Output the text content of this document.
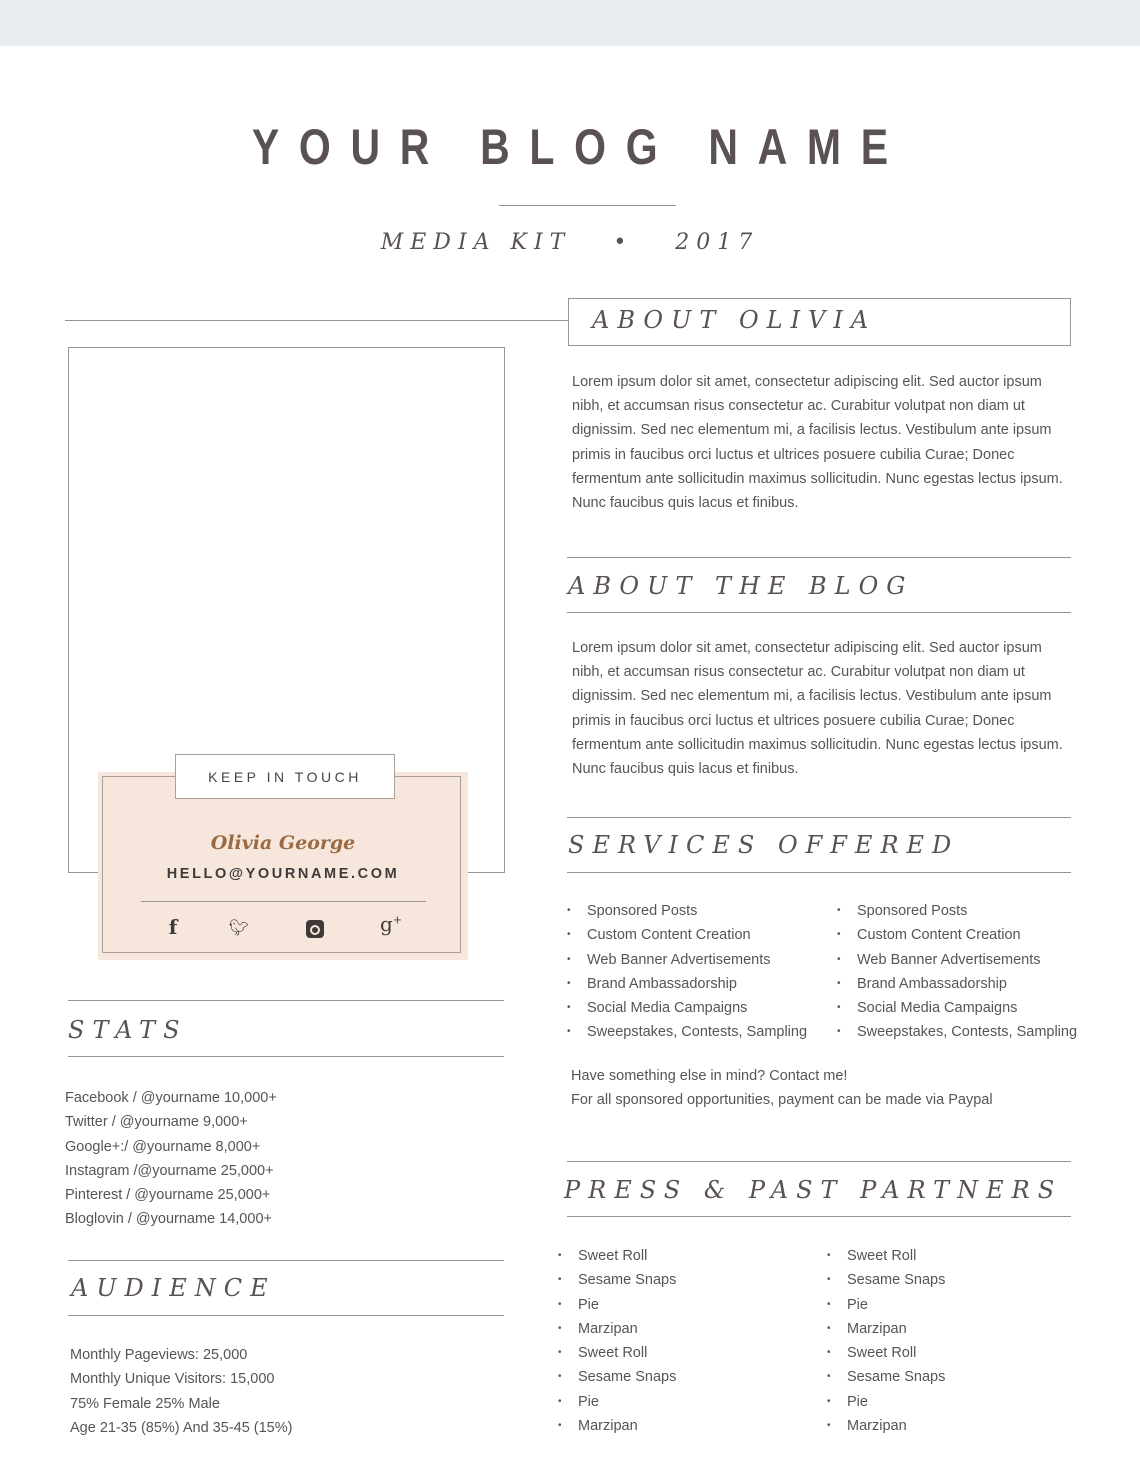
YOUR BLOG NAME
MEDIA KIT • 2017
KEEP IN TOUCH
Olivia George
HELLO@YOURNAME.COM
f	🐦︎	g+
STATS
Facebook / @yourname 10,000+
Twitter / @yourname 9,000+
Google+:/ @yourname 8,000+
Instagram /@yourname 25,000+
Pinterest / @yourname 25,000+
Bloglovin / @yourname 14,000+
AUDIENCE
Monthly Pageviews: 25,000
Monthly Unique Visitors: 15,000
75% Female 25% Male
Age 21-35 (85%) And 35-45 (15%)
ABOUT OLIVIA
Lorem ipsum dolor sit amet, consectetur adipiscing elit. Sed auctor ipsum nibh, et accumsan risus consectetur ac. Curabitur volutpat non diam ut dignissim. Sed nec elementum mi, a facilisis lectus. Vestibulum ante ipsum primis in faucibus orci luctus et ultrices posuere cubilia Curae; Donec fermentum ante sollicitudin maximus sollicitudin. Nunc egestas lectus ipsum. Nunc faucibus quis lacus et finibus.
ABOUT THE BLOG
Lorem ipsum dolor sit amet, consectetur adipiscing elit. Sed auctor ipsum nibh, et accumsan risus consectetur ac. Curabitur volutpat non diam ut dignissim. Sed nec elementum mi, a facilisis lectus. Vestibulum ante ipsum primis in faucibus orci luctus et ultrices posuere cubilia Curae; Donec fermentum ante sollicitudin maximus sollicitudin. Nunc egestas lectus ipsum. Nunc faucibus quis lacus et finibus.
SERVICES OFFERED
• Sponsored Posts
• Custom Content Creation
• Web Banner Advertisements
• Brand Ambassadorship
• Social Media Campaigns
• Sweepstakes, Contests, Sampling
• Sponsored Posts
• Custom Content Creation
• Web Banner Advertisements
• Brand Ambassadorship
• Social Media Campaigns
• Sweepstakes, Contests, Sampling
Have something else in mind? Contact me!
For all sponsored opportunities, payment can be made via Paypal
PRESS & PAST PARTNERS
• Sweet Roll
• Sesame Snaps
• Pie
• Marzipan
• Sweet Roll
• Sesame Snaps
• Pie
• Marzipan
• Sweet Roll
• Sesame Snaps
• Pie
• Marzipan
• Sweet Roll
• Sesame Snaps
• Pie
• Marzipan
